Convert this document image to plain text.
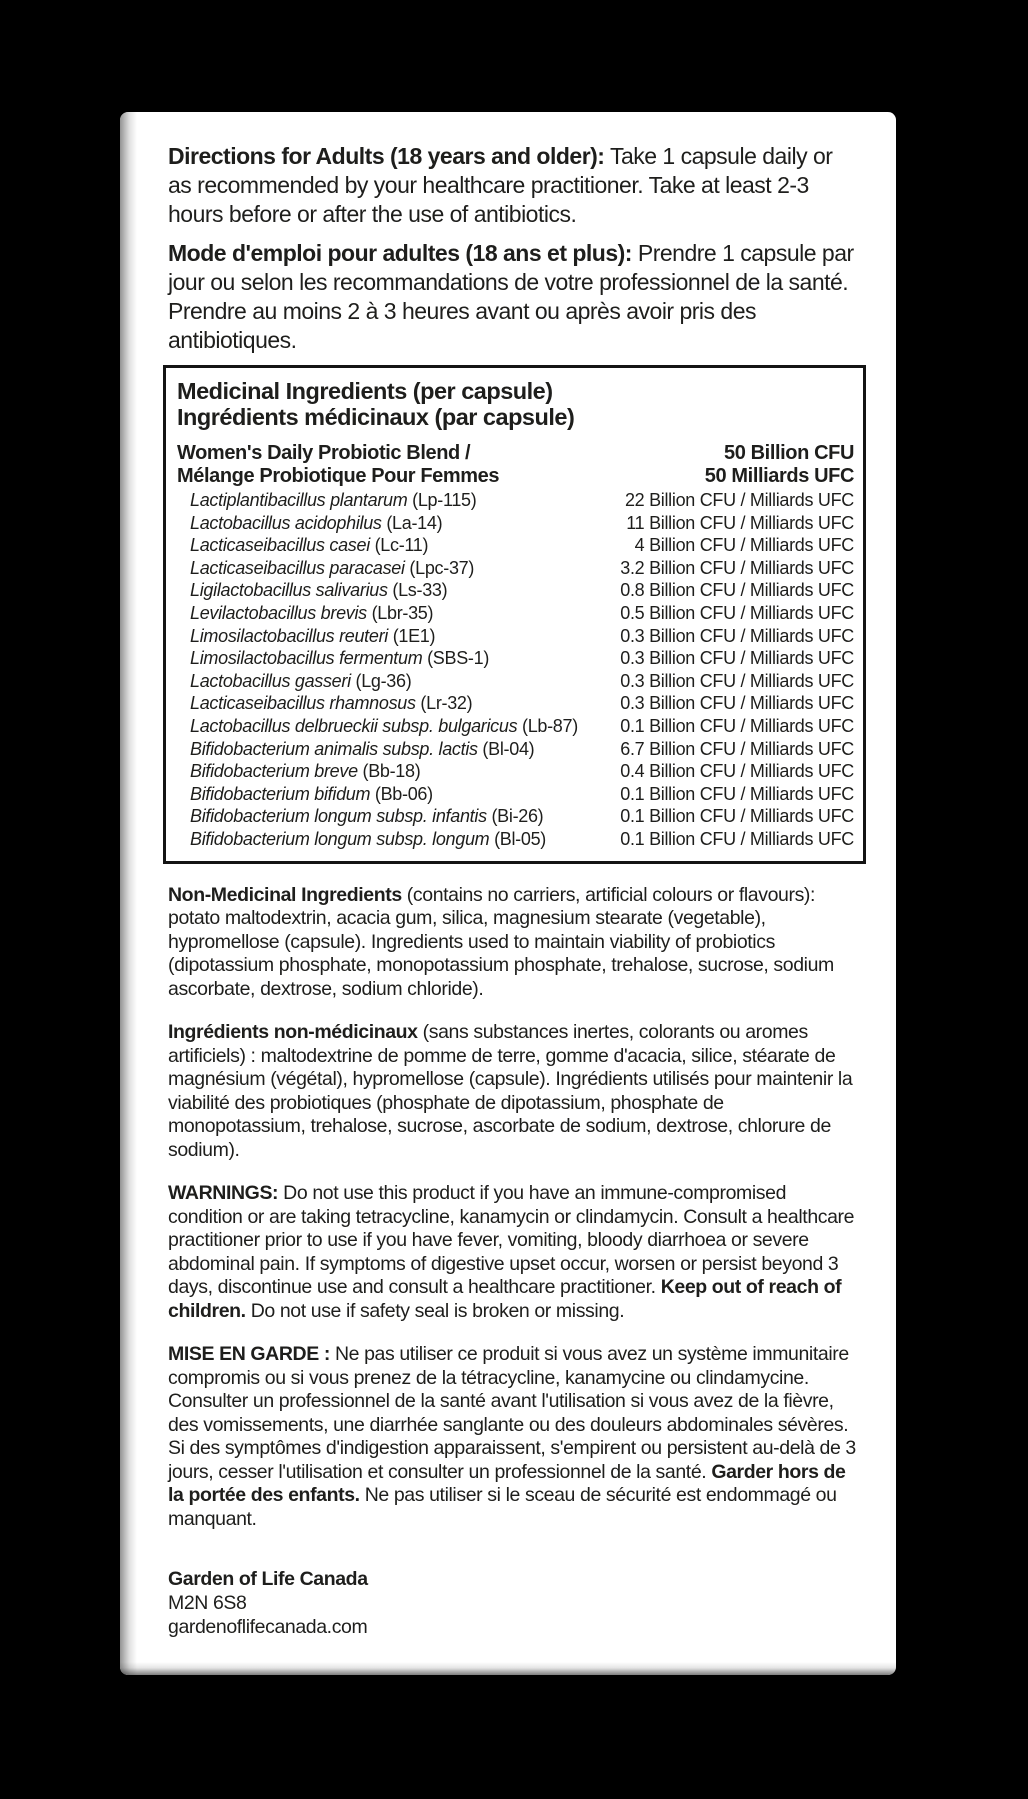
Directions for Adults (18 years and older): Take 1 capsule daily or as recommended by your healthcare practitioner. Take at least 2-3 hours before or after the use of antibiotics.

Mode d'emploi pour adultes (18 ans et plus): Prendre 1 capsule par jour ou selon les recommandations de votre professionnel de la santé. Prendre au moins 2 à 3 heures avant ou après avoir pris des antibiotiques.

Medicinal Ingredients (per capsule)
Ingrédients médicinaux (par capsule)
Women's Daily Probiotic Blend /
Mélange Probiotique Pour Femmes
50 Billion CFU
50 Milliards UFC
Lactiplantibacillus plantarum (Lp-115)	22 Billion CFU / Milliards UFC
Lactobacillus acidophilus (La-14)	11 Billion CFU / Milliards UFC
Lacticaseibacillus casei (Lc-11)	4 Billion CFU / Milliards UFC
Lacticaseibacillus paracasei (Lpc-37)	3.2 Billion CFU / Milliards UFC
Ligilactobacillus salivarius (Ls-33)	0.8 Billion CFU / Milliards UFC
Levilactobacillus brevis (Lbr-35)	0.5 Billion CFU / Milliards UFC
Limosilactobacillus reuteri (1E1)	0.3 Billion CFU / Milliards UFC
Limosilactobacillus fermentum (SBS-1)	0.3 Billion CFU / Milliards UFC
Lactobacillus gasseri (Lg-36)	0.3 Billion CFU / Milliards UFC
Lacticaseibacillus rhamnosus (Lr-32)	0.3 Billion CFU / Milliards UFC
Lactobacillus delbrueckii subsp. bulgaricus (Lb-87) 0.1 Billion CFU / Milliards UFC
Bifidobacterium animalis subsp. lactis (Bl-04)	6.7 Billion CFU / Milliards UFC
Bifidobacterium breve (Bb-18)	0.4 Billion CFU / Milliards UFC
Bifidobacterium bifidum (Bb-06)	0.1 Billion CFU / Milliards UFC
Bifidobacterium longum subsp. infantis (Bi-26)	0.1 Billion CFU / Milliards UFC
Bifidobacterium longum subsp. longum (Bl-05)	0.1 Billion CFU / Milliards UFC

Non-Medicinal Ingredients (contains no carriers, artificial colours or flavours): potato maltodextrin, acacia gum, silica, magnesium stearate (vegetable), hypromellose (capsule). Ingredients used to maintain viability of probiotics (dipotassium phosphate, monopotassium phosphate, trehalose, sucrose, sodium ascorbate, dextrose, sodium chloride).

Ingrédients non-médicinaux (sans substances inertes, colorants ou aromes artificiels) : maltodextrine de pomme de terre, gomme d'acacia, silice, stéarate de magnésium (végétal), hypromellose (capsule). Ingrédients utilisés pour maintenir la viabilité des probiotiques (phosphate de dipotassium, phosphate de monopotassium, trehalose, sucrose, ascorbate de sodium, dextrose, chlorure de sodium).

WARNINGS: Do not use this product if you have an immune-compromised condition or are taking tetracycline, kanamycin or clindamycin. Consult a healthcare practitioner prior to use if you have fever, vomiting, bloody diarrhoea or severe abdominal pain. If symptoms of digestive upset occur, worsen or persist beyond 3 days, discontinue use and consult a healthcare practitioner. Keep out of reach of children. Do not use if safety seal is broken or missing.

MISE EN GARDE : Ne pas utiliser ce produit si vous avez un système immunitaire compromis ou si vous prenez de la tétracycline, kanamycine ou clindamycine. Consulter un professionnel de la santé avant l'utilisation si vous avez de la fièvre, des vomissements, une diarrhée sanglante ou des douleurs abdominales sévères. Si des symptômes d'indigestion apparaissent, s'empirent ou persistent au-delà de 3 jours, cesser l'utilisation et consulter un professionnel de la santé. Garder hors de la portée des enfants. Ne pas utiliser si le sceau de sécurité est endommagé ou manquant.

Garden of Life Canada
M2N 6S8
gardenoflifecanada.com
